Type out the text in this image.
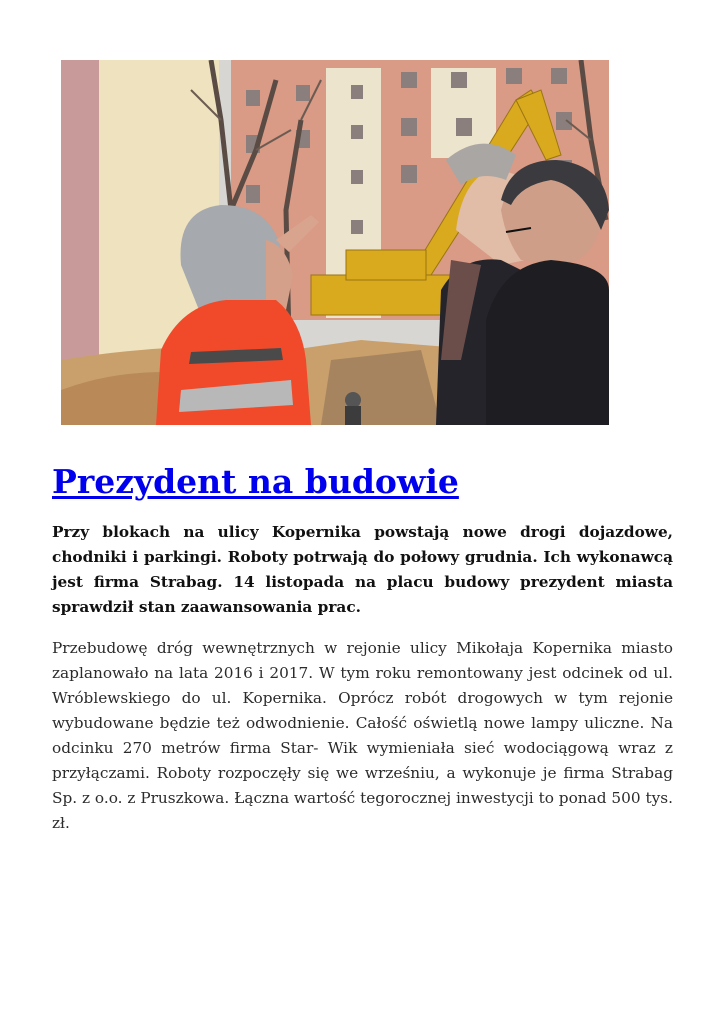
Prezydent na budowie

Przy blokach na ulicy Kopernika powstają nowe drogi dojazdowe, chodniki i parkingi. Roboty potrwają do połowy grudnia. Ich wykonawcą jest firma Strabag. 14 listopada na placu budowy prezydent miasta sprawdził stan zaawansowania prac.

Przebudowę dróg wewnętrznych w rejonie ulicy Mikołaja Kopernika miasto zaplanowało na lata 2016 i 2017. W tym roku remontowany jest odcinek od ul. Wróblewskiego do ul. Kopernika. Oprócz robót drogowych w tym rejonie wybudowane będzie też odwodnienie. Całość oświetlą nowe lampy uliczne. Na odcinku 270 metrów firma Star- Wik wymieniała sieć wodociągową wraz z przyłączami. Roboty rozpoczęły się we wrześniu, a wykonuje je firma Strabag Sp. z o.o. z Pruszkowa. Łączna wartość tegorocznej inwestycji to ponad 500 tys. zł.
